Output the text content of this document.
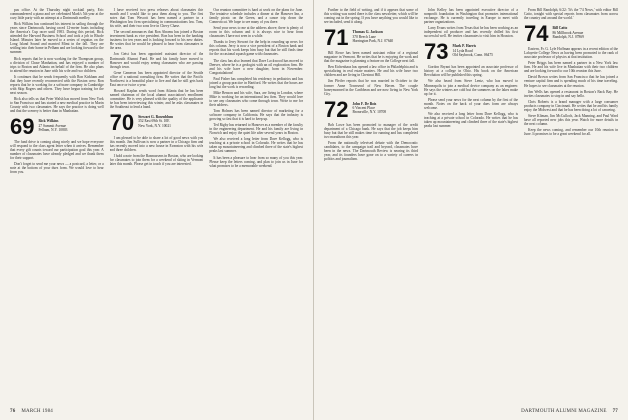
pus office. At the Thursday night cocktail party, Eric commandeered a piano and we celebrated Mark's 5th year at the cozy little party with an attempt at a Dartmouth medley.

Rick Wilkins has continued his interest in sailing through the years since Dartmouth, having raced 12-meter boats including the America's Cup racer until 1983. During this period, Rick attended the Harvard Business School and took a job in Rhode Island. Minutes later he moved to a series of regattas on the Long Island Sound and married Mimi in the fall. They are settling into their home in Pelham and are looking forward to the summer.

Rick reports that he is now working for the Thompson group, a division of Chase Manhattan, and has enjoyed a number of trips to Boston and Atlanta on behalf of the firm. He also plans to attend the reunion in June with his wife and two children.

It continues that he sends frequently with Ron Kirkham and that they have recently reconnected with the Boston crew. Ron reports that he is working for a software company in Cambridge with Skip Rogers and others. They have begun training for the next season.

Rick also tells us that Peter Walsh has moved from New York to San Francisco and has started a new medical practice in Marin County with two classmates. He says the practice is doing well and that the scenery is better than in Manhattan.

69 Rick Wilkins
27 Summit Avenue
Pelham, N.Y. 10803

The fund drive is coming along nicely and we hope everyone will respond to the class agent letter when it arrives. Remember that every gift counts toward our participation goal this year. A number of classmates have already pledged and we thank them for their support.

Don't forget to send me your news — a postcard, a letter, or a note at the bottom of your dues form. We would love to hear from you.

I have received two press releases about classmates this month and I would like to pass them along to you. The first notes that Tom Wescott has been named a partner in a Washington law firm specializing in communications law. Tom, his wife, and their two sons live in Chevy Chase.

The second announces that Ron Abrams has joined a Boston investment bank as vice president. Ron has been in the banking business for ten years and is looking forward to his new duties. He writes that he would be pleased to hear from classmates in the area.

Jon Geist has been appointed assistant director of the Dartmouth Alumni Fund. He and his family have moved to Hanover and would enjoy seeing classmates who are passing through town.

Gene Cameron has been appointed director of the Seattle office of a national consulting firm. He writes that the Pacific Northwest is a beautiful place to live and that he still gets back East once or twice a year.

Howard Kaplan sends word from Atlanta that he has been named chairman of the local alumni association's enrollment committee. He is very pleased with the quality of the applicants he has been interviewing this winter, and he asks classmates in the Southeast to lend a hand.

70 Stewart G. Rosenblum
352 East 69th St. 10E
New York, N.Y. 10021

I am pleased to be able to share a lot of good news with you this month. Jim Sullivan is now a partner in a Chicago firm and has recently moved into a new house in Evanston with his wife and three children.

I hold a note from the Rasmussens in Boston, who are looking for classmates to join them for a weekend of skiing in Vermont later this month. Please get in touch if you are interested.

Our reunion committee is hard at work on the plans for June. The tentative schedule includes a dinner at the Hanover Inn, a family picnic on the Green, and a canoe trip down the Connecticut. We hope to see many of you there.

Send your news to me at the address above; there is plenty of room in this column and it is always nice to hear from classmates I have not seen in a while.

Thanks to Jerry Stewart for the help in rounding up news for this column. Jerry is now a vice president of a Boston bank and reports that his work keeps him busy but that he still finds time for the occasional squash game with classmates.

The class has also learned that Dave Lockwood has moved to Denver, where he is a geologist with an oil exploration firm. He and his wife have a new daughter, born in November. Congratulations!

Paul Fisher has completed his residency in pediatrics and has joined a group practice in Hartford. He writes that the hours are long but the work is rewarding.

Mike Benson and his wife, Sara, are living in London, where Mike is working for an international law firm. They would love to see any classmates who come through town. Write to me for their address.

Tom Holmes has been named director of marketing for a software company in California. He says that the industry is growing so fast that it is hard to keep up.

Ted Rigby has returned to Hanover as a member of the faculty in the engineering department. He and his family are living in Norwich and enjoy the quiet life after several years in Boston.

We also received a long letter from Dave Kellogg, who is teaching at a private school in Colorado. He writes that he has taken up mountaineering and climbed three of the state's highest peaks last summer.

It has been a pleasure to hear from so many of you this year. Please keep the letters coming, and plan to join us in June for what promises to be a memorable weekend.

76 MARCH 1984

Further to the field of writing, and if it appears that some of this writing was noted there is the class newsletter, which will be coming out in the spring. If you have anything you would like to see included, send it along.

71 Thomas G. Jackson
370 Beech Lane
Harrington Park, N.J. 07640

Bill Rowe has been named assistant editor of a regional magazine in Vermont. He writes that he is enjoying the work and that the magazine is planning a feature on the College next fall.

Ben Eichenhaus has opened a law office in Philadelphia and is specializing in real estate matters. He and his wife have two children and are living in Chestnut Hill.

Jim Pfeifer reports that he was married in October to the former Anne Townsend of New Haven. The couple honeymooned in the Caribbean and are now living in New York City.

72 John F. De Bois
6 Vincent Place
Bronxville, N.Y. 10708

Bob Lowe has been promoted to manager of the credit department of a Chicago bank. He says that the job keeps him busy but that he still makes time for running and has completed two marathons this year.

From the nationally televised debate with the Democratic candidates, to the campaign trail and beyond, classmates have been in the news. The Dartmouth Review is nearing its third year, and its founders have gone on to a variety of careers in politics and journalism.

John Kelley has been appointed executive director of a nonprofit foundation in Washington that promotes international exchange. He is currently traveling in Europe to meet with partner organizations.

Larry Evans writes from Texas that he has been working as an independent oil producer and has recently drilled his first successful well. He invites classmates to visit him in Houston.

73 Mark P. Harris
14 Lyda Road
Old Saybrook, Conn. 06475

Gordon Bryant has been appointed an associate professor of history at a college in Ohio. His book on the American Revolution will be published this spring.

We also heard from Steve Lentz, who has moved to Minneapolis to join a medical device company as an engineer. He says the winters are cold but the summers on the lakes make up for it.

Please send your news for the next column by the first of the month. Notes on the back of your dues form are always welcome.

We also received a long letter from Dave Kellogg, who is teaching at a private school in Colorado. He writes that he has taken up mountaineering and climbed three of the state's highest peaks last summer.

From Bill Randolph, 6/22: 'It's the '74 News,' with editor Bill Catto, tonight with special reports from classmates from across the country and around the world.'

74 Bill Catto
86 Millbrook Avenue
Randolph, N.J. 07869

Eastern, Fr. G. Lyle Hoffman appears in a recent edition of the Lafayette College News as having been promoted to the rank of associate professor of physics at that institution.

Peter Briggs has been named a partner in a New York law firm. He and his wife live in Manhattan with their two children and are looking forward to our 10th reunion this June.

David Brown writes from San Francisco that he has joined a venture capital firm and is spending much of his time traveling. He hopes to see classmates at the reunion.

Jim Wells has opened a restaurant in Boston's Back Bay. He invites classmates to stop in and say hello.

Chris Roberts is a brand manager with a large consumer products company in Cincinnati. He writes that he and his family enjoy the Midwest and that he has been doing a lot of canoeing.

Steve Kliman, Jim McCulloch, Jack Manning, and Paul Ward have all reported new jobs this year. Watch for more details in the next column.

Keep the news coming, and remember our 10th reunion in June. It promises to be a great weekend for all.

DARTMOUTH ALUMNI MAGAZINE 77
